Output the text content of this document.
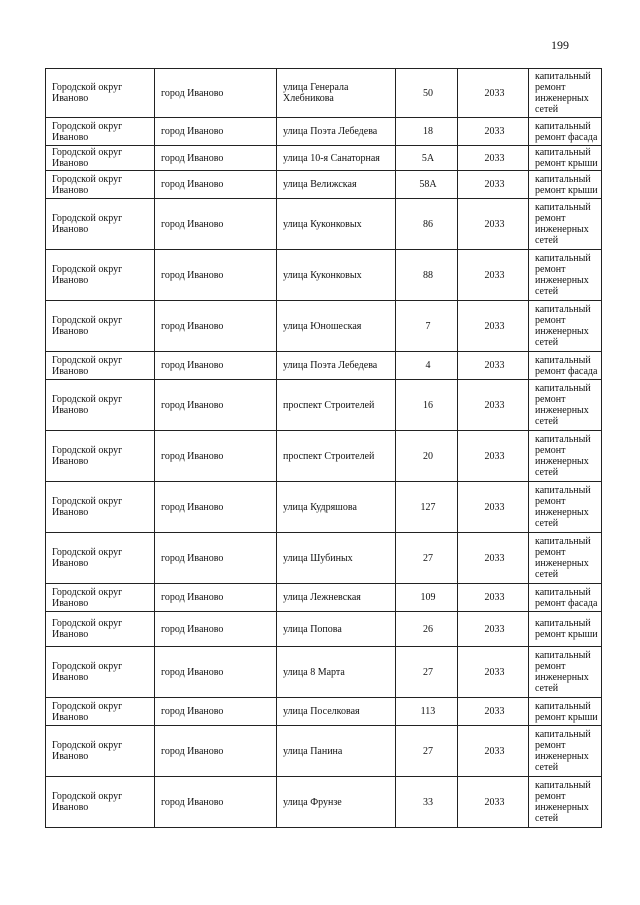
199
Городской округ Иваново	город Иваново	улица Генерала Хлебникова	50	2033	капитальный ремонт инженерных сетей
Городской округ Иваново	город Иваново	улица Поэта Лебедева	18	2033	капитальный ремонт фасада
Городской округ Иваново	город Иваново	улица 10-я Санаторная	5А	2033	капитальный ремонт крыши
Городской округ Иваново	город Иваново	улица Велижская	58А	2033	капитальный ремонт крыши
Городской округ Иваново	город Иваново	улица Куконковых	86	2033	капитальный ремонт инженерных сетей
Городской округ Иваново	город Иваново	улица Куконковых	88	2033	капитальный ремонт инженерных сетей
Городской округ Иваново	город Иваново	улица Юношеская	7	2033	капитальный ремонт инженерных сетей
Городской округ Иваново	город Иваново	улица Поэта Лебедева	4	2033	капитальный ремонт фасада
Городской округ Иваново	город Иваново	проспект Строителей	16	2033	капитальный ремонт инженерных сетей
Городской округ Иваново	город Иваново	проспект Строителей	20	2033	капитальный ремонт инженерных сетей
Городской округ Иваново	город Иваново	улица Кудряшова	127	2033	капитальный ремонт инженерных сетей
Городской округ Иваново	город Иваново	улица Шубиных	27	2033	капитальный ремонт инженерных сетей
Городской округ Иваново	город Иваново	улица Лежневская	109	2033	капитальный ремонт фасада
Городской округ Иваново	город Иваново	улица Попова	26	2033	капитальный ремонт крыши
Городской округ Иваново	город Иваново	улица 8 Марта	27	2033	капитальный ремонт инженерных сетей
Городской округ Иваново	город Иваново	улица Поселковая	113	2033	капитальный ремонт крыши
Городской округ Иваново	город Иваново	улица Панина	27	2033	капитальный ремонт инженерных сетей
Городской округ Иваново	город Иваново	улица Фрунзе	33	2033	капитальный ремонт инженерных сетей
